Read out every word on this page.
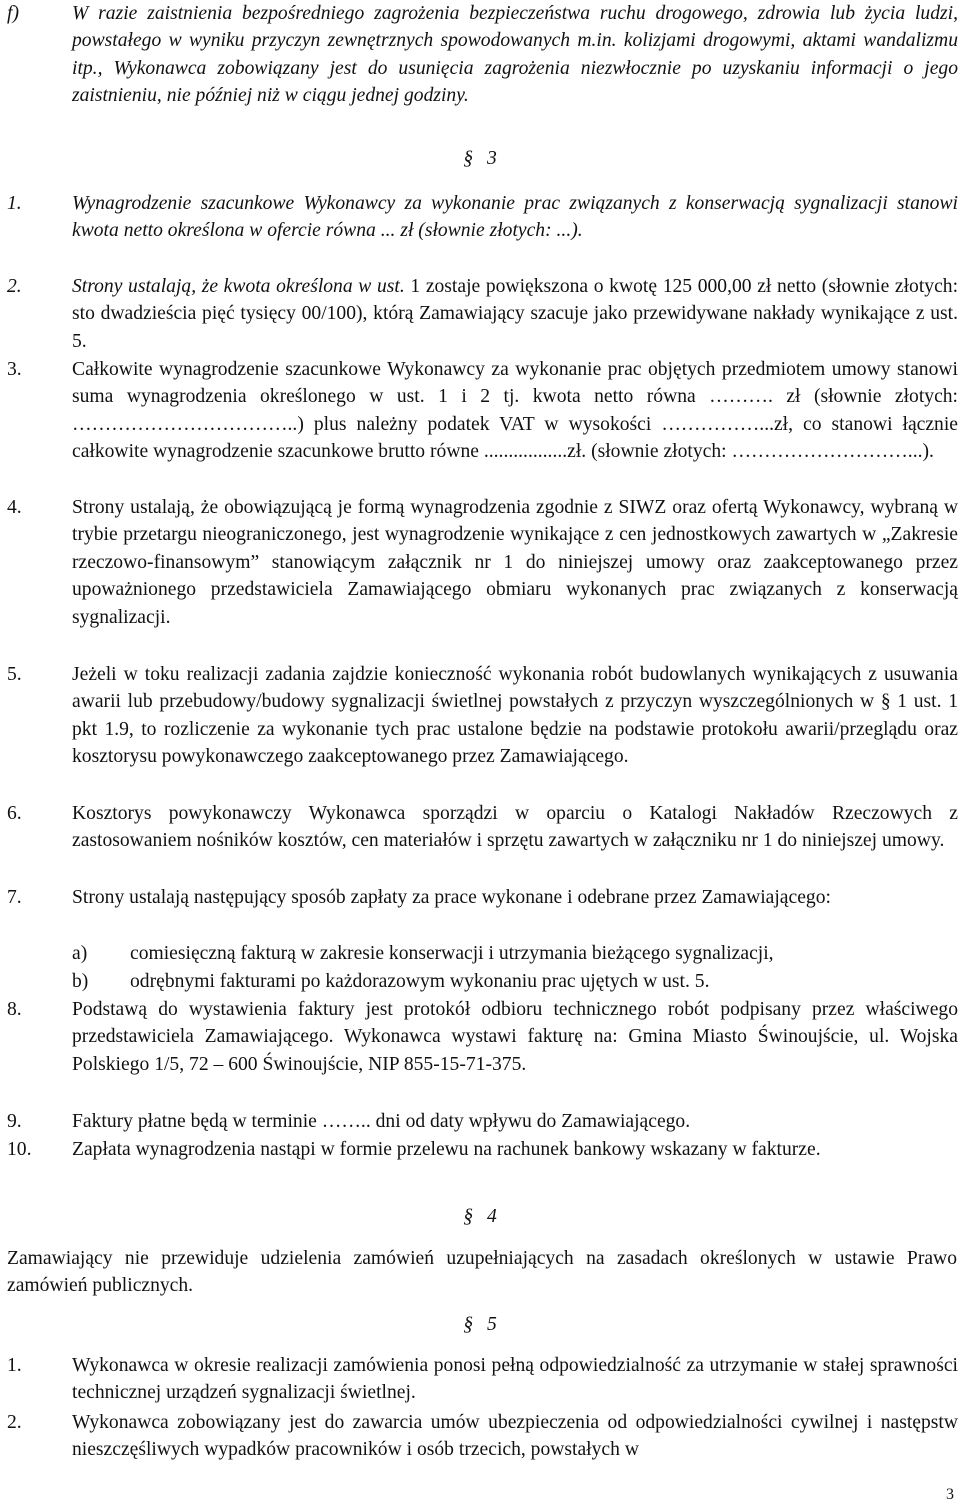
f)	W razie zaistnienia bezpośredniego zagrożenia bezpieczeństwa ruchu drogowego, zdrowia lub życia ludzi, powstałego w wyniku przyczyn zewnętrznych spowodowanych m.in. kolizjami drogowymi, aktami wandalizmu itp., Wykonawca zobowiązany jest do usunięcia zagrożenia niezwłocznie po uzyskaniu informacji o jego zaistnieniu, nie później niż w ciągu jednej godziny.
§ 3
1.	Wynagrodzenie szacunkowe Wykonawcy za wykonanie prac związanych z konserwacją sygnalizacji stanowi kwota netto określona w ofercie równa ... zł (słownie złotych: ...).
2.	Strony ustalają, że kwota określona w ust. 1 zostaje powiększona o kwotę 125 000,00 zł netto (słownie złotych: sto dwadzieścia pięć tysięcy 00/100), którą Zamawiający szacuje jako przewidywane nakłady wynikające z ust. 5.
3.	Całkowite wynagrodzenie szacunkowe Wykonawcy za wykonanie prac objętych przedmiotem umowy stanowi suma wynagrodzenia określonego w ust. 1 i 2 tj. kwota netto równa ………. zł (słownie złotych: ……………………………..) plus należny podatek VAT w wysokości ……………...zł, co stanowi łącznie całkowite wynagrodzenie szacunkowe brutto równe .................zł. (słownie złotych: ………………………...).
4.	Strony ustalają, że obowiązującą je formą wynagrodzenia zgodnie z SIWZ oraz ofertą Wykonawcy, wybraną w trybie przetargu nieograniczonego, jest wynagrodzenie wynikające z cen jednostkowych zawartych w „Zakresie rzeczowo-finansowym” stanowiącym załącznik nr 1 do niniejszej umowy oraz zaakceptowanego przez upoważnionego przedstawiciela Zamawiającego obmiaru wykonanych prac związanych z konserwacją sygnalizacji.
5.	Jeżeli w toku realizacji zadania zajdzie konieczność wykonania robót budowlanych wynikających z usuwania awarii lub przebudowy/budowy sygnalizacji świetlnej powstałych z przyczyn wyszczególnionych w § 1 ust. 1 pkt 1.9, to rozliczenie za wykonanie tych prac ustalone będzie na podstawie protokołu awarii/przeglądu oraz kosztorysu powykonawczego zaakceptowanego przez Zamawiającego.
6.	Kosztorys powykonawczy Wykonawca sporządzi w oparciu o Katalogi Nakładów Rzeczowych z zastosowaniem nośników kosztów, cen materiałów i sprzętu zawartych w załączniku nr 1 do niniejszej umowy.
7.	Strony ustalają następujący sposób zapłaty za prace wykonane i odebrane przez Zamawiającego:
a) comiesięczną fakturą w zakresie konserwacji i utrzymania bieżącego sygnalizacji,
b) odrębnymi fakturami po każdorazowym wykonaniu prac ujętych w ust. 5.
8.	Podstawą do wystawienia faktury jest protokół odbioru technicznego robót podpisany przez właściwego przedstawiciela Zamawiającego. Wykonawca wystawi fakturę na: Gmina Miasto Świnoujście, ul. Wojska Polskiego 1/5, 72 – 600 Świnoujście, NIP 855-15-71-375.
9.	Faktury płatne będą w terminie …….. dni od daty wpływu do Zamawiającego.
10. Zapłata wynagrodzenia nastąpi w formie przelewu na rachunek bankowy wskazany w fakturze.
§ 4
Zamawiający nie przewiduje udzielenia zamówień uzupełniających na zasadach określonych w ustawie Prawo zamówień publicznych.
§ 5
1.	Wykonawca w okresie realizacji zamówienia ponosi pełną odpowiedzialność za utrzymanie w stałej sprawności technicznej urządzeń sygnalizacji świetlnej.
2.	Wykonawca zobowiązany jest do zawarcia umów ubezpieczenia od odpowiedzialności cywilnej i następstw nieszczęśliwych wypadków pracowników i osób trzecich, powstałych w
3
